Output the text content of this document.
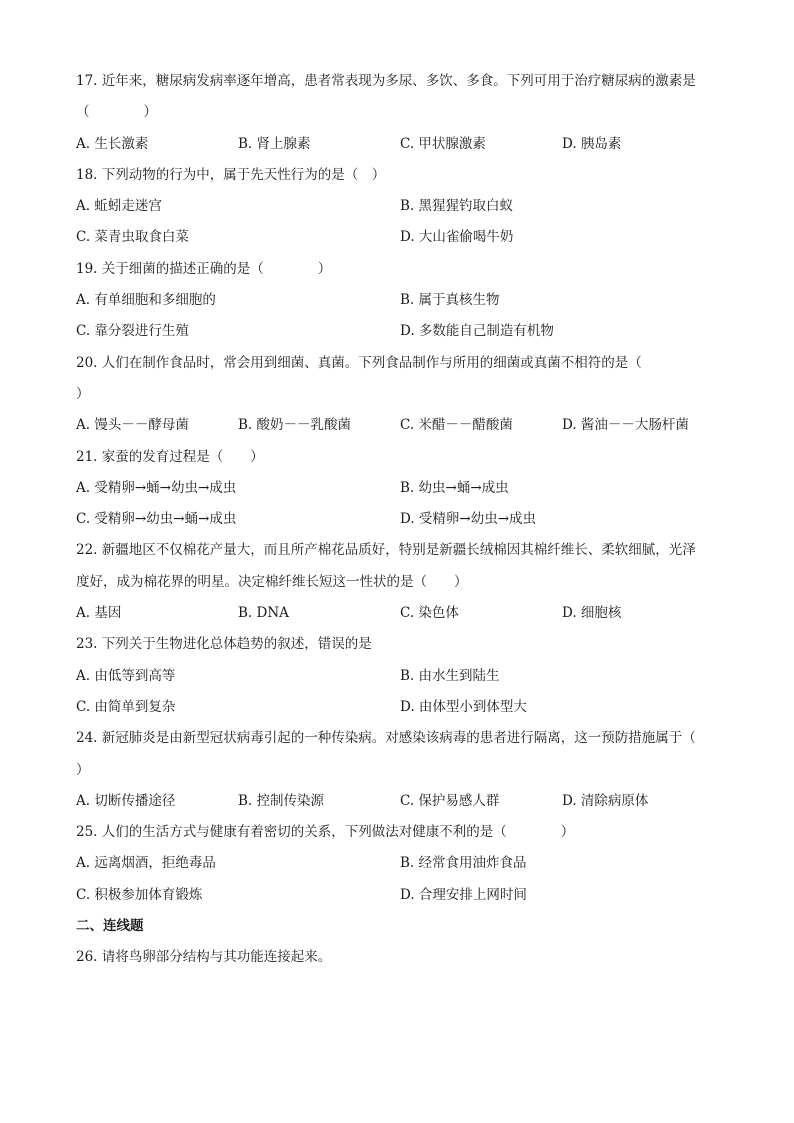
17. 近年来，糖尿病发病率逐年增高，患者常表现为多尿、多饮、多食。下列可用于治疗糖尿病的激素是
（　　　　）
A. 生长激素	B. 肾上腺素	C. 甲状腺激素	D. 胰岛素
18. 下列动物的行为中，属于先天性行为的是（　）
A. 蚯蚓走迷宫	B. 黑猩猩钓取白蚁
C. 菜青虫取食白菜	D. 大山雀偷喝牛奶
19. 关于细菌的描述正确的是（　　　　）
A. 有单细胞和多细胞的	B. 属于真核生物
C. 靠分裂进行生殖	D. 多数能自己制造有机物
20. 人们在制作食品时，常会用到细菌、真菌。下列食品制作与所用的细菌或真菌不相符的是（
）
A. 馒头－－酵母菌	B. 酸奶－－乳酸菌	C. 米醋－－醋酸菌	D. 酱油－－大肠杆菌
21. 家蚕的发育过程是（　　）
A. 受精卵→蛹→幼虫→成虫	B. 幼虫→蛹→成虫
C. 受精卵→幼虫→蛹→成虫	D. 受精卵→幼虫→成虫
22. 新疆地区不仅棉花产量大，而且所产棉花品质好，特别是新疆长绒棉因其棉纤维长、柔软细腻，光泽
度好，成为棉花界的明星。决定棉纤维长短这一性状的是（　　）
A. 基因	B. DNA	C. 染色体	D. 细胞核
23. 下列关于生物进化总体趋势的叙述，错误的是
A. 由低等到高等	B. 由水生到陆生
C. 由简单到复杂	D. 由体型小到体型大
24. 新冠肺炎是由新型冠状病毒引起的一种传染病。对感染该病毒的患者进行隔离，这一预防措施属于（
）
A. 切断传播途径	B. 控制传染源	C. 保护易感人群	D. 清除病原体
25. 人们的生活方式与健康有着密切的关系，下列做法对健康不利的是（　　　　）
A. 远离烟酒，拒绝毒品	B. 经常食用油炸食品
C. 积极参加体育锻炼	D. 合理安排上网时间
二、连线题
26. 请将鸟卵部分结构与其功能连接起来。
